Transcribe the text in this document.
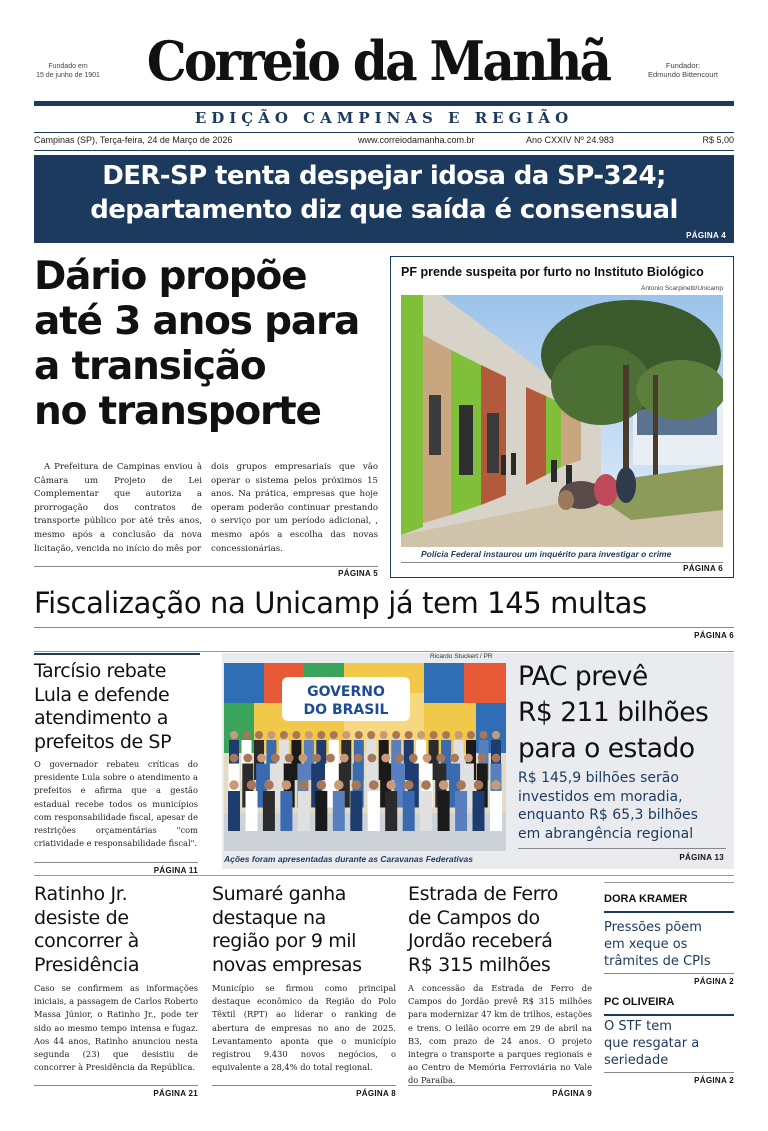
Fundado em
15 de junho de 1901 Correio da Manhã	Fundador:
Edmundo Bittencourt
EDIÇÃO CAMPINAS E REGIÃO
Campinas (SP), Terça-feira, 24 de Março de 2026	www.correiodamanha.com.br	Ano CXXIV Nº 24.983	R$ 5,00
DER-SP tenta despejar idosa da SP-324;
departamento diz que saída é consensual
PÁGINA 4
Dário propõe
até 3 anos para
a transição
no transporte
A Prefeitura de Campinas enviou à Câmara um Projeto de Lei Complementar que autoriza a prorrogação dos contratos de transporte público por até três anos, mesmo após a conclusão da nova licitação, vencida no início do mês por
dois grupos empresariais que vão operar o sistema pelos próximos 15 anos. Na prática, empresas que hoje operam poderão continuar prestando o serviço por um período adicional, , mesmo após a escolha das novas concessionárias.
PÁGINA 5
PF prende suspeita por furto no Instituto Biológico
Antonio Scarpinetti/Unicamp
Polícia Federal instaurou um inquérito para investigar o crime
PÁGINA 6
Fiscalização na Unicamp já tem 145 multas
PÁGINA 6
Tarcísio rebate
Lula e defende
atendimento a
prefeitos de SP
O governador rebateu críticas do presidente Lula sobre o atendimento a prefeitos e afirma que a gestão estadual recebe todos os municípios com responsabilidade fiscal, apesar de restrições orçamentárias "com criatividade e responsabilidade fiscal".
PÁGINA 11
Ricardo Stuckert / PR
GOVERNO
DO BRASIL
Ações foram apresentadas durante as Caravanas Federativas
PAC prevê
R$ 211 bilhões
para o estado
R$ 145,9 bilhões serão
investidos em moradia,
enquanto R$ 65,3 bilhões
em abrangência regional
PÁGINA 13
Ratinho Jr.
desiste de
concorrer à
Presidência
Caso se confirmem as informações iniciais, a passagem de Carlos Roberto Massa Júnior, o Ratinho Jr., pode ter sido ao mesmo tempo intensa e fugaz. Aos 44 anos, Ratinho anunciou nesta segunda (23) que desistiu de concorrer à Presidência da República.
PÁGINA 21
Sumaré ganha
destaque na
região por 9 mil
novas empresas
Município se firmou como principal destaque econômico da Região do Polo Têxtil (RPT) ao liderar o ranking de abertura de empresas no ano de 2025. Levantamento aponta que o município registrou 9.430 novos negócios, o equivalente a 28,4% do total regional.
PÁGINA 8
Estrada de Ferro
de Campos do
Jordão receberá
R$ 315 milhões
A concessão da Estrada de Ferro de Campos do Jordão prevê R$ 315 milhões para modernizar 47 km de trilhos, estações e trens. O leilão ocorre em 29 de abril na B3, com prazo de 24 anos. O projeto integra o transporte a parques regionais e ao Centro de Memória Ferroviária no Vale do Paraíba.
PÁGINA 9
DORA KRAMER
Pressões põem
em xeque os
trâmites de CPIs
PÁGINA 2
PC OLIVEIRA
O STF tem
que resgatar a
seriedade
PÁGINA 2
